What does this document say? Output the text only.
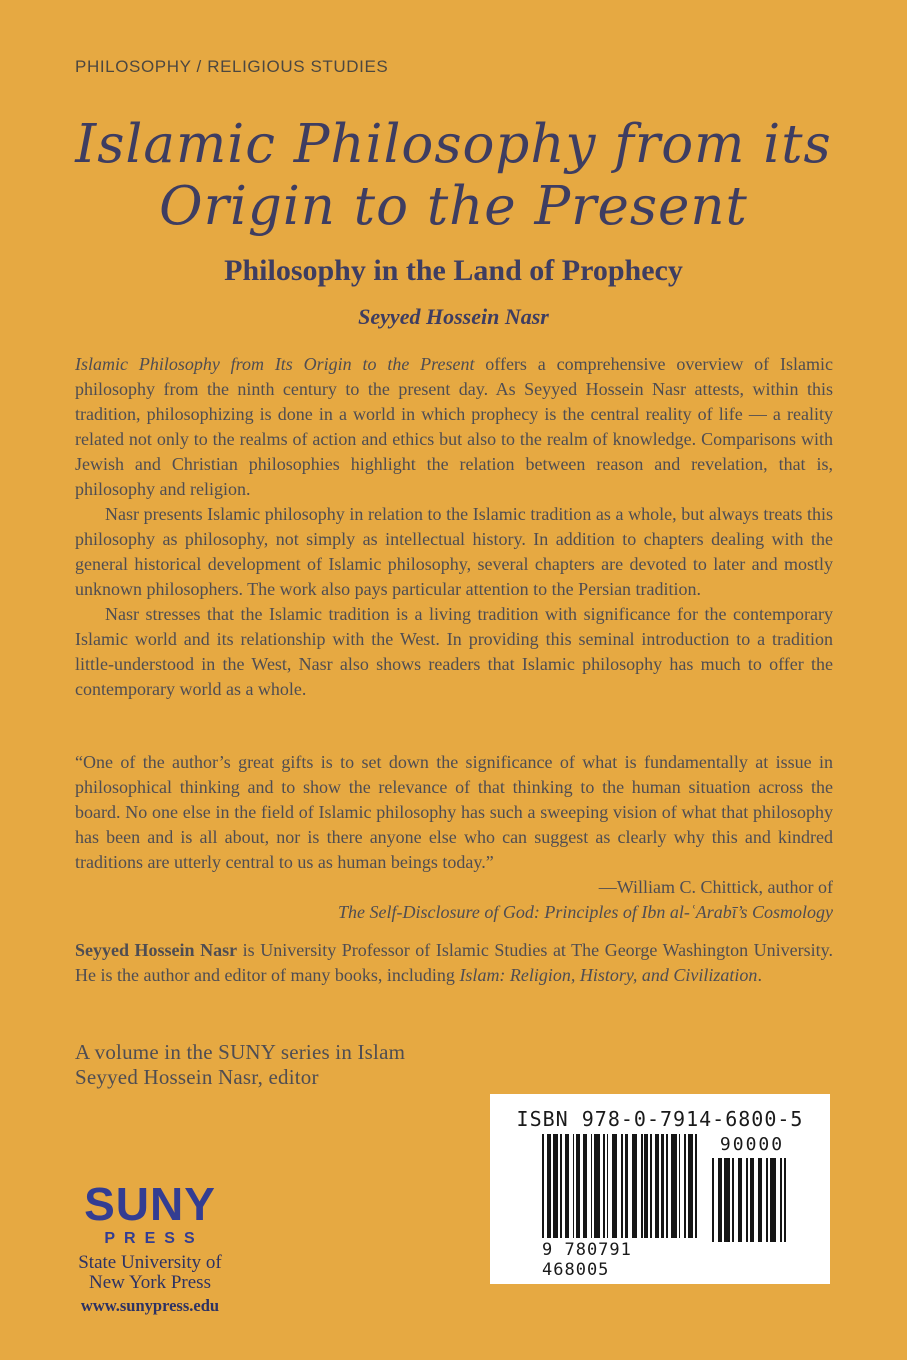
PHILOSOPHY / RELIGIOUS STUDIES
Islamic Philosophy from its
Origin to the Present
Philosophy in the Land of Prophecy
Seyyed Hossein Nasr

Islamic Philosophy from Its Origin to the Present offers a comprehensive overview of Islamic philosophy from the ninth century to the present day. As Seyyed Hossein Nasr attests, within this tradition, philosophizing is done in a world in which prophecy is the central reality of life — a reality related not only to the realms of action and ethics but also to the realm of knowledge. Comparisons with Jewish and Christian philosophies highlight the relation between reason and revelation, that is, philosophy and religion.

Nasr presents Islamic philosophy in relation to the Islamic tradition as a whole, but always treats this philosophy as philosophy, not simply as intellectual history. In addition to chapters dealing with the general historical development of Islamic philosophy, several chapters are devoted to later and mostly unknown philosophers. The work also pays particular attention to the Persian tradition.

Nasr stresses that the Islamic tradition is a living tradition with significance for the contemporary Islamic world and its relationship with the West. In providing this seminal introduction to a tradition little-understood in the West, Nasr also shows readers that Islamic philosophy has much to offer the contemporary world as a whole.

“One of the author’s great gifts is to set down the significance of what is fundamentally at issue in philosophical thinking and to show the relevance of that thinking to the human situation across the board. No one else in the field of Islamic philosophy has such a sweeping vision of what that philosophy has been and is all about, nor is there anyone else who can suggest as clearly why this and kindred traditions are utterly central to us as human beings today.”

—William C. Chittick, author of

The Self-Disclosure of God: Principles of Ibn al-ʿArabī’s Cosmology

Seyyed Hossein Nasr is University Professor of Islamic Studies at The George Washington University. He is the author and editor of many books, including Islam: Religion, History, and Civilization.

A volume in the SUNY series in Islam

Seyyed Hossein Nasr, editor

ISBN 978-0-7914-6800-5
9 780791 468005
90000
SUNY
PRESS
State University of
New York Press
www.sunypress.edu
